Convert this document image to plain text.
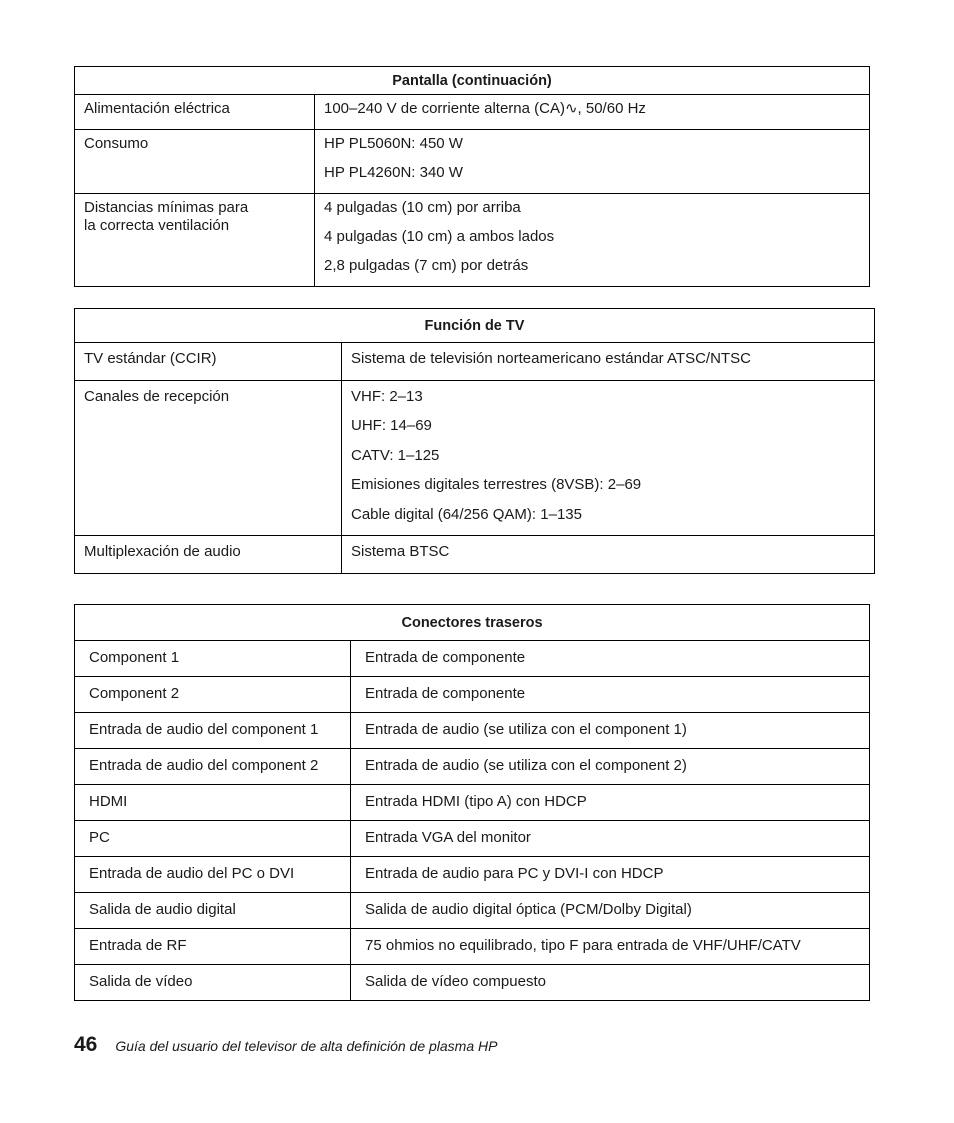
Pantalla (continuación)	

Alimentación eléctrica	100–240 V de corriente alterna (CA)∿, 50/60 Hz

Consumo	HP PL5060N: 450 W
HP PL4260N: 340 W

Distancias mínimas para la correcta ventilación	4 pulgadas (10 cm) por arriba
4 pulgadas (10 cm) a ambos lados
2,8 pulgadas (7 cm) por detrás
Función de TV	

TV estándar (CCIR)	Sistema de televisión norteamericano estándar ATSC/NTSC

Canales de recepción	VHF: 2–13
UHF: 14–69
CATV: 1–125
Emisiones digitales terrestres (8VSB): 2–69
Cable digital (64/256 QAM): 1–135

Multiplexación de audio	Sistema BTSC
Conectores traseros	

Component 1	Entrada de componente

Component 2	Entrada de componente

Entrada de audio del component 1	Entrada de audio (se utiliza con el component 1)

Entrada de audio del component 2	Entrada de audio (se utiliza con el component 2)

HDMI	Entrada HDMI (tipo A) con HDCP

PC	Entrada VGA del monitor

Entrada de audio del PC o DVI	Entrada de audio para PC y DVI-I con HDCP

Salida de audio digital	Salida de audio digital óptica (PCM/Dolby Digital)

Entrada de RF	75 ohmios no equilibrado, tipo F para entrada de VHF/UHF/CATV

Salida de vídeo	Salida de vídeo compuesto
46 Guía del usuario del televisor de alta definición de plasma HP
